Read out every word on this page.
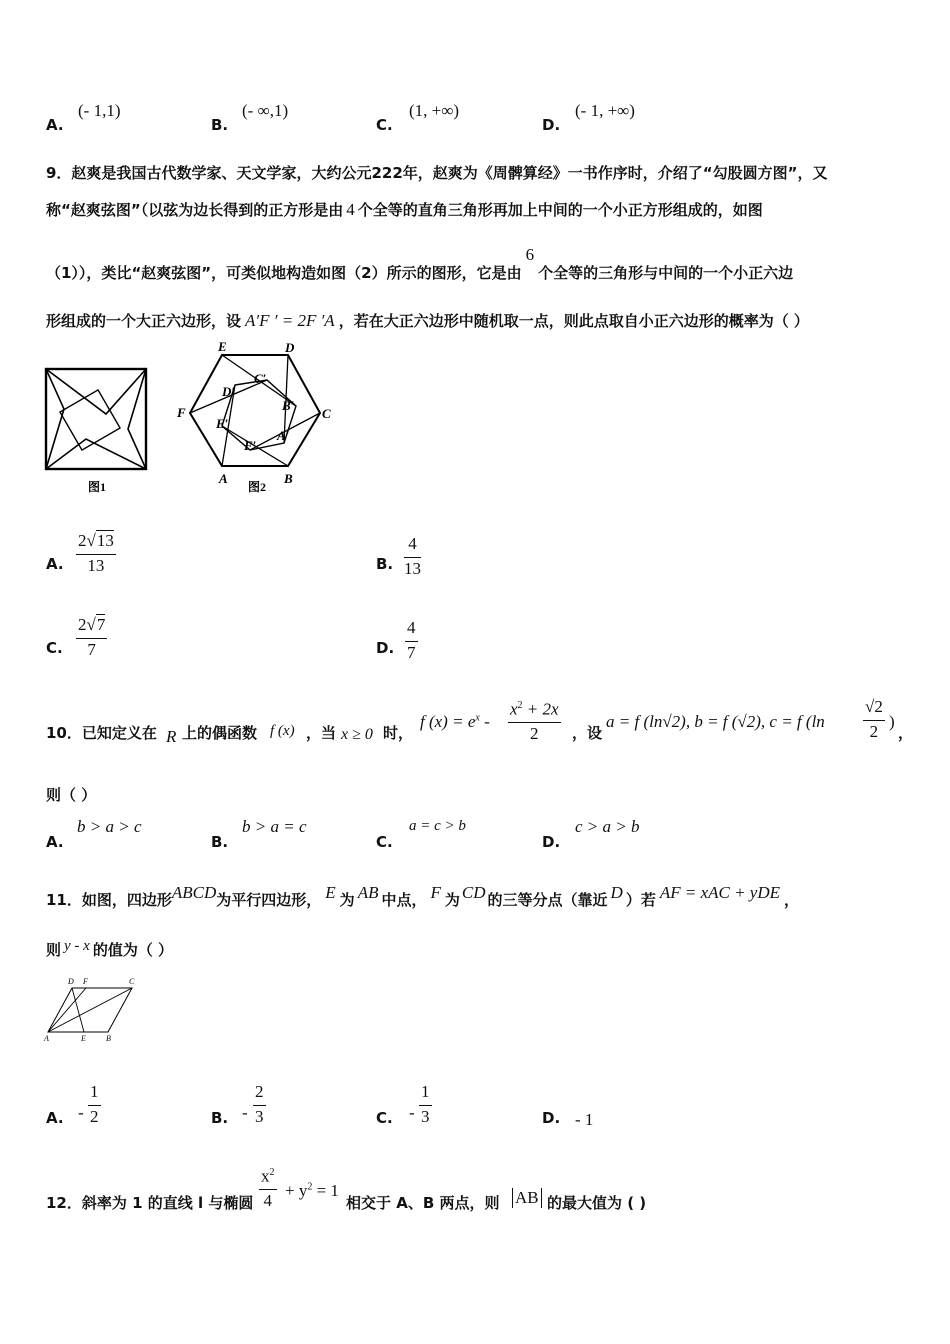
A.
(- 1,1)
B.
(- ∞,1)
C.
(1, +∞)
D.
(- 1, +∞)
9．赵爽是我国古代数学家、天文学家，大约公元222年，赵爽为《周髀算经》一书作序时，介绍了“勾股圆方图”，又
称“赵爽弦图”（以弦为边长得到的正方形是由 4 个全等的直角三角形再加上中间的一个小正方形组成的，如图
（1）），类比“赵爽弦图”，可类似地构造如图（2）所示的图形，它是由6个全等的三角形与中间的一个小正六边
形组成的一个大正六边形，设 A′F ′ = 2F ′A ，若在大正六边形中随机取一点，则此点取自小正六边形的概率为（ ）
图1
E	D
C
B
A
F
D′
C′
B′
A′
F′
E′
图2
A.
2√13
13	B.
4
13
C.
2√7
7	D.
4
7
10．已知定义在 R 上的偶函数 f (x) ，当 x ≥ 0 时，
f $(x) = e^x$ -
$x^2 + 2x$
2 ，设
a = f (ln√2), b = f (√2), c = f (ln
√2
2
)
，
则（ ）
A.
b > a > c
B.
b > a = c
C.
a = c > b
D.
c > a > b
11．如图，四边形ABCD为平行四边形， E 为 AB 中点， F 为 CD 的三等分点（靠近 D ）若 AF = xAC + yDE ，
则 y - x 的值为（ ）
D F	C
A	E	B
A. -
1
2	B. -
2
3	C. -
1
3	D. - 1
12．斜率为 1 的直线 l 与椭圆
$x^2$
4
+ $y^2 = 1$
相交于 A、B 两点，则 AB 的最大值为 ( )
